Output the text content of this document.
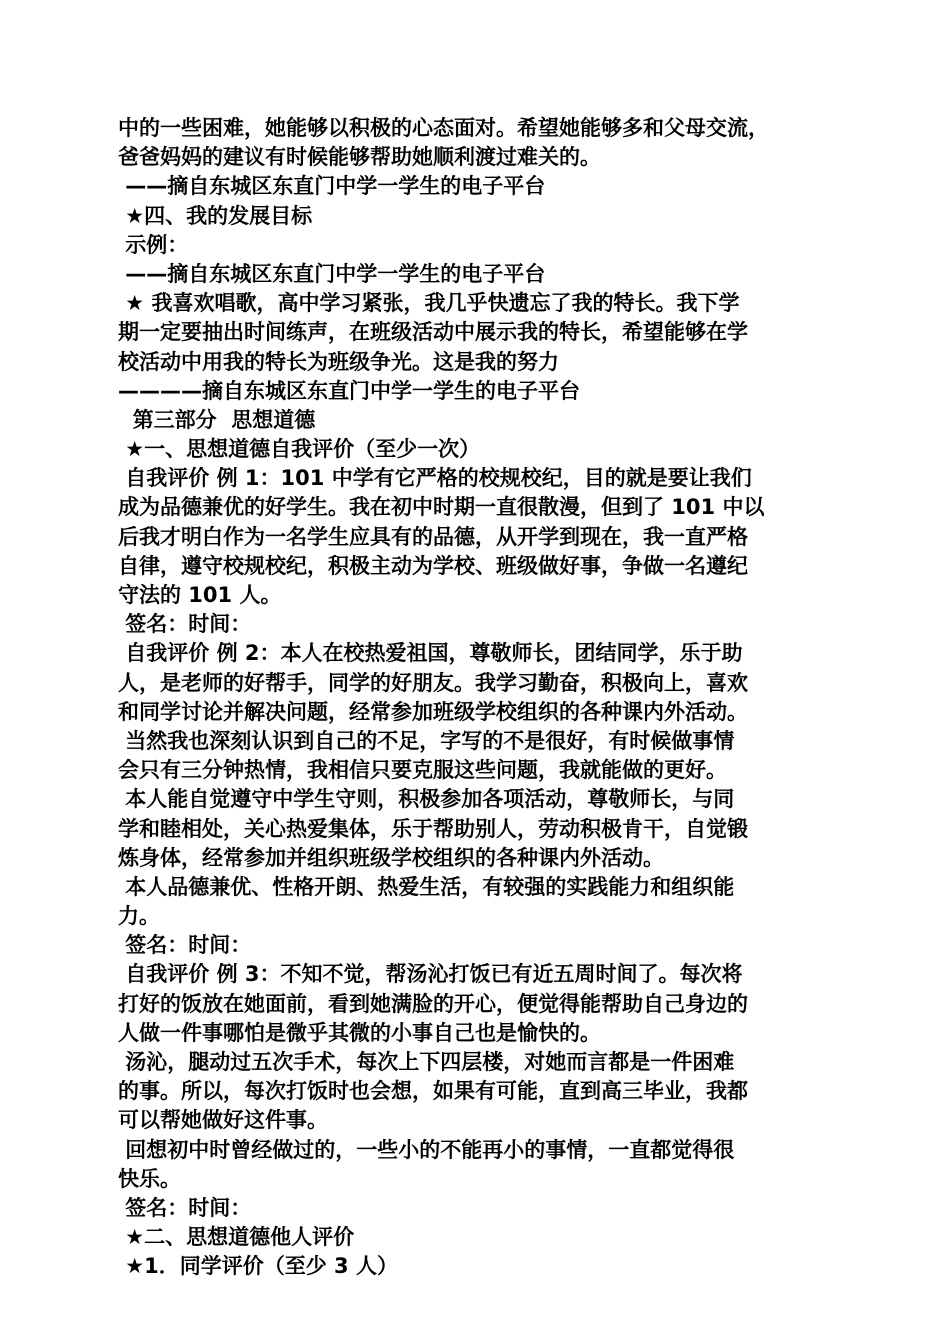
中的一些困难，她能够以积极的心态面对。希望她能够多和父母交流，

爸爸妈妈的建议有时候能够帮助她顺利渡过难关的。

——摘自东城区东直门中学一学生的电子平台

★四、我的发展目标

示例：

——摘自东城区东直门中学一学生的电子平台

★ 我喜欢唱歌，高中学习紧张，我几乎快遗忘了我的特长。我下学

期一定要抽出时间练声，在班级活动中展示我的特长，希望能够在学

校活动中用我的特长为班级争光。这是我的努力

————摘自东城区东直门中学一学生的电子平台

第三部分  思想道德

★一、思想道德自我评价（至少一次）

自我评价 例 1：101 中学有它严格的校规校纪，目的就是要让我们

成为品德兼优的好学生。我在初中时期一直很散漫，但到了 101 中以

后我才明白作为一名学生应具有的品德，从开学到现在，我一直严格

自律，遵守校规校纪，积极主动为学校、班级做好事，争做一名遵纪

守法的 101 人。

签名：时间：

自我评价 例 2：本人在校热爱祖国，尊敬师长，团结同学，乐于助

人，是老师的好帮手，同学的好朋友。我学习勤奋，积极向上，喜欢

和同学讨论并解决问题，经常参加班级学校组织的各种课内外活动。

当然我也深刻认识到自己的不足，字写的不是很好，有时候做事情

会只有三分钟热情，我相信只要克服这些问题，我就能做的更好。

本人能自觉遵守中学生守则，积极参加各项活动，尊敬师长，与同

学和睦相处，关心热爱集体，乐于帮助别人，劳动积极肯干，自觉锻

炼身体，经常参加并组织班级学校组织的各种课内外活动。

本人品德兼优、性格开朗、热爱生活，有较强的实践能力和组织能

力。

签名：时间：

自我评价 例 3：不知不觉，帮汤沁打饭已有近五周时间了。每次将

打好的饭放在她面前，看到她满脸的开心，便觉得能帮助自己身边的

人做一件事哪怕是微乎其微的小事自己也是愉快的。

汤沁，腿动过五次手术，每次上下四层楼，对她而言都是一件困难

的事。所以，每次打饭时也会想，如果有可能，直到高三毕业，我都

可以帮她做好这件事。

回想初中时曾经做过的，一些小的不能再小的事情，一直都觉得很

快乐。

签名：时间：

★二、思想道德他人评价

★1．同学评价（至少 3 人）
